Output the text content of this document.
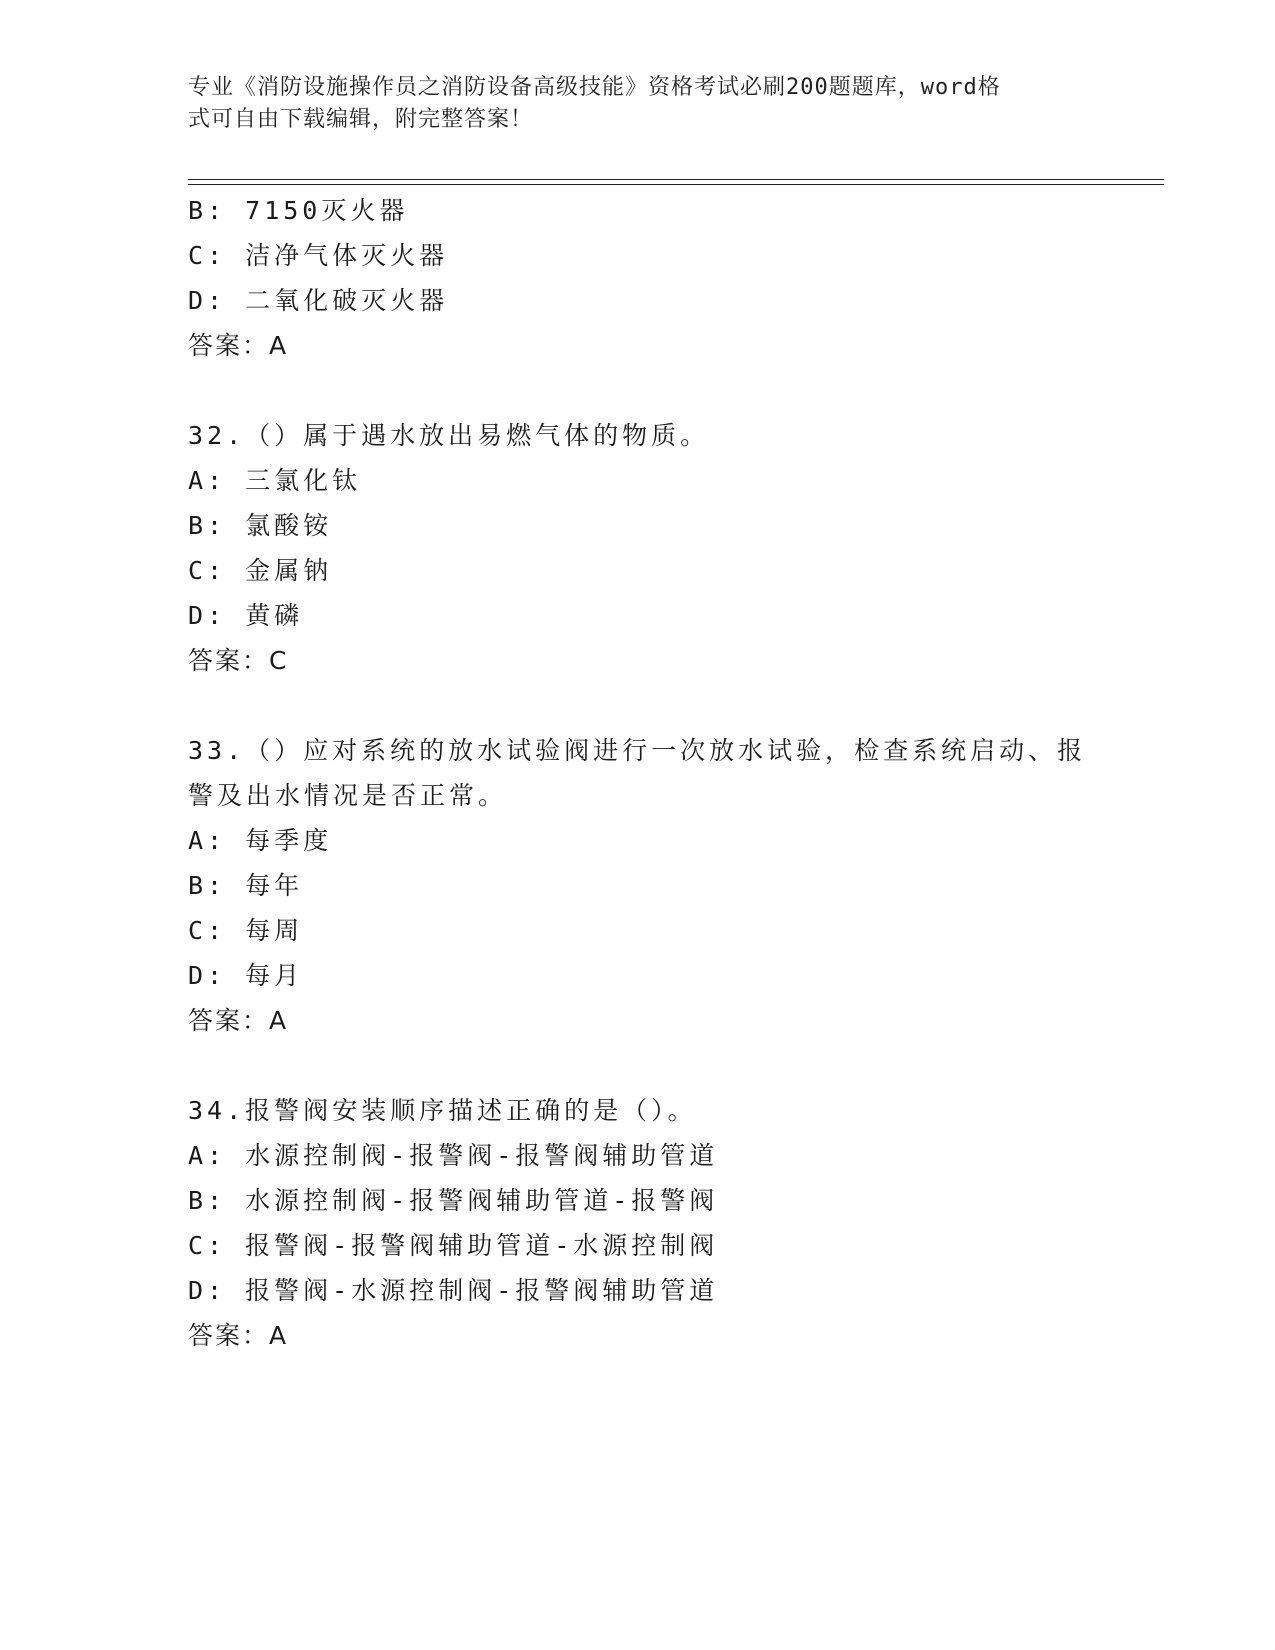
专业《消防设施操作员之消防设备高级技能》资格考试必刷200题题库，word格
式可自由下载编辑，附完整答案！
B: 7150灭火器
C: 洁净气体灭火器
D: 二氧化破灭火器
答案：A
32.（）属于遇水放出易燃气体的物质。
A: 三氯化钛
B: 氯酸铵
C: 金属钠
D: 黄磷
答案：C
33.（）应对系统的放水试验阀进行一次放水试验，检查系统启动、报
警及出水情况是否正常。
A: 每季度
B: 每年
C: 每周
D: 每月
答案：A
34.报警阀安装顺序描述正确的是（）。
A: 水源控制阀-报警阀-报警阀辅助管道
B: 水源控制阀-报警阀辅助管道-报警阀
C: 报警阀-报警阀辅助管道-水源控制阀
D: 报警阀-水源控制阀-报警阀辅助管道
答案：A
